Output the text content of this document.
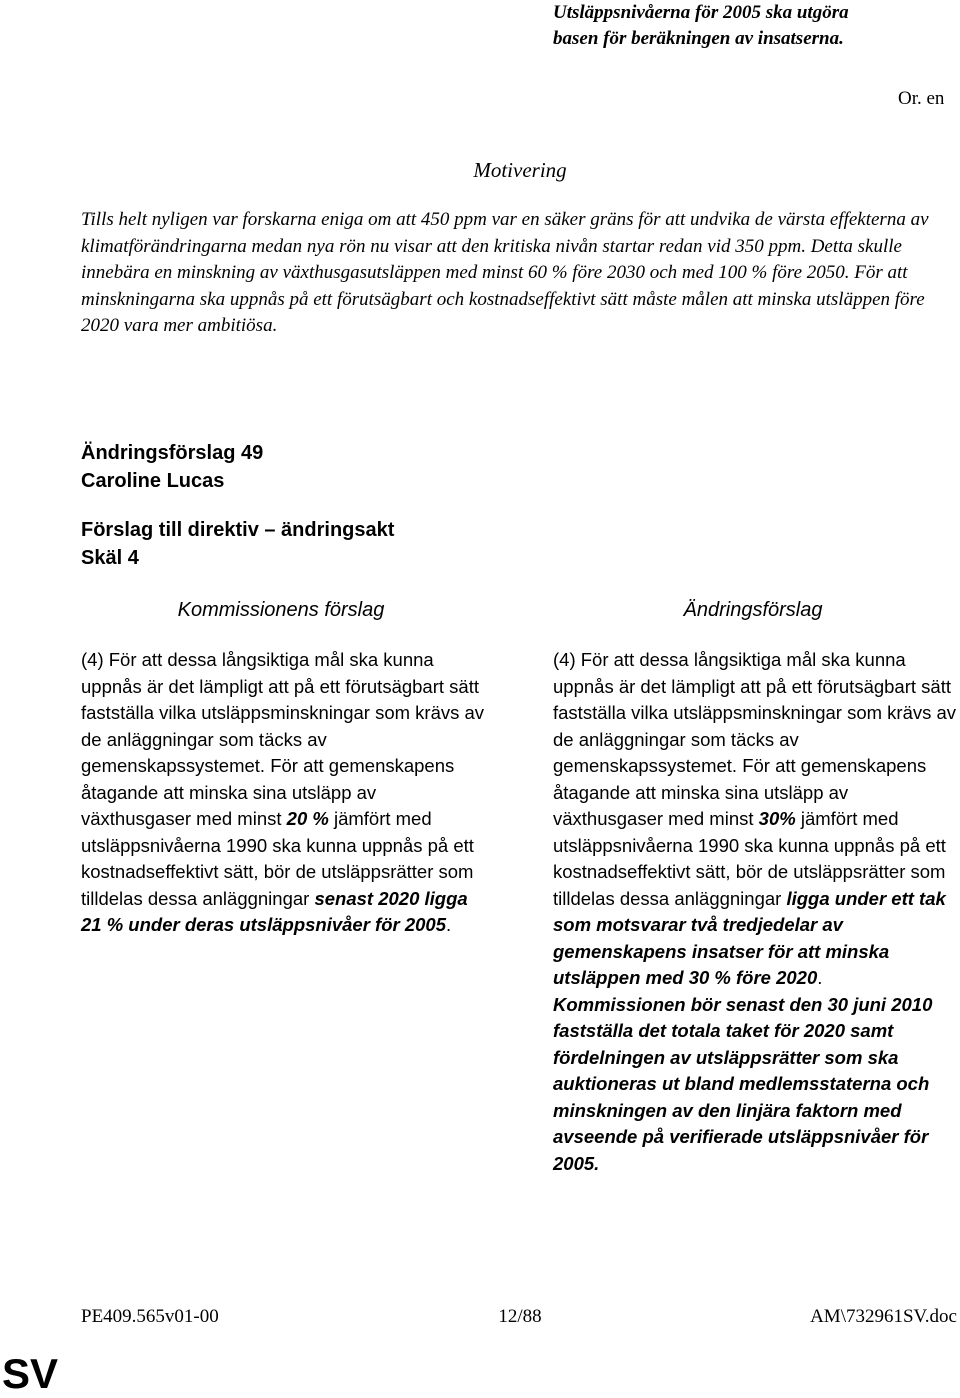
Utsläppsnivåerna för 2005 ska utgöra
basen för beräkningen av insatserna.
Or. en
Motivering
Tills helt nyligen var forskarna eniga om att 450 ppm var en säker gräns för att undvika de värsta effekterna av klimatförändringarna medan nya rön nu visar att den kritiska nivån startar redan vid 350 ppm. Detta skulle innebära en minskning av växthusgasutsläppen med minst 60 % före 2030 och med 100 % före 2050. För att minskningarna ska uppnås på ett förutsägbart och kostnadseffektivt sätt måste målen att minska utsläppen före 2020 vara mer ambitiösa.
Ändringsförslag 49
Caroline Lucas
Förslag till direktiv – ändringsakt
Skäl 4
Kommissionens förslag	Ändringsförslag
(4) För att dessa långsiktiga mål ska kunna uppnås är det lämpligt att på ett förutsägbart sätt fastställa vilka utsläppsminskningar som krävs av de anläggningar som täcks av gemenskapssystemet. För att gemenskapens åtagande att minska sina utsläpp av växthusgaser med minst 20 % jämfört med utsläppsnivåerna 1990 ska kunna uppnås på ett kostnadseffektivt sätt, bör de utsläppsrätter som tilldelas dessa anläggningar senast 2020 ligga 21 % under deras utsläppsnivåer för 2005.
(4) För att dessa långsiktiga mål ska kunna uppnås är det lämpligt att på ett förutsägbart sätt fastställa vilka utsläppsminskningar som krävs av de anläggningar som täcks av gemenskapssystemet. För att gemenskapens åtagande att minska sina utsläpp av växthusgaser med minst 30% jämfört med utsläppsnivåerna 1990 ska kunna uppnås på ett kostnadseffektivt sätt, bör de utsläppsrätter som tilldelas dessa anläggningar ligga under ett tak som motsvarar två tredjedelar av gemenskapens insatser för att minska utsläppen med 30 % före 2020. Kommissionen bör senast den 30 juni 2010 fastställa det totala taket för 2020 samt fördelningen av utsläppsrätter som ska auktioneras ut bland medlemsstaterna och minskningen av den linjära faktorn med avseende på verifierade utsläppsnivåer för 2005.
PE409.565v01-00	12/88	AM\732961SV.doc
SV
